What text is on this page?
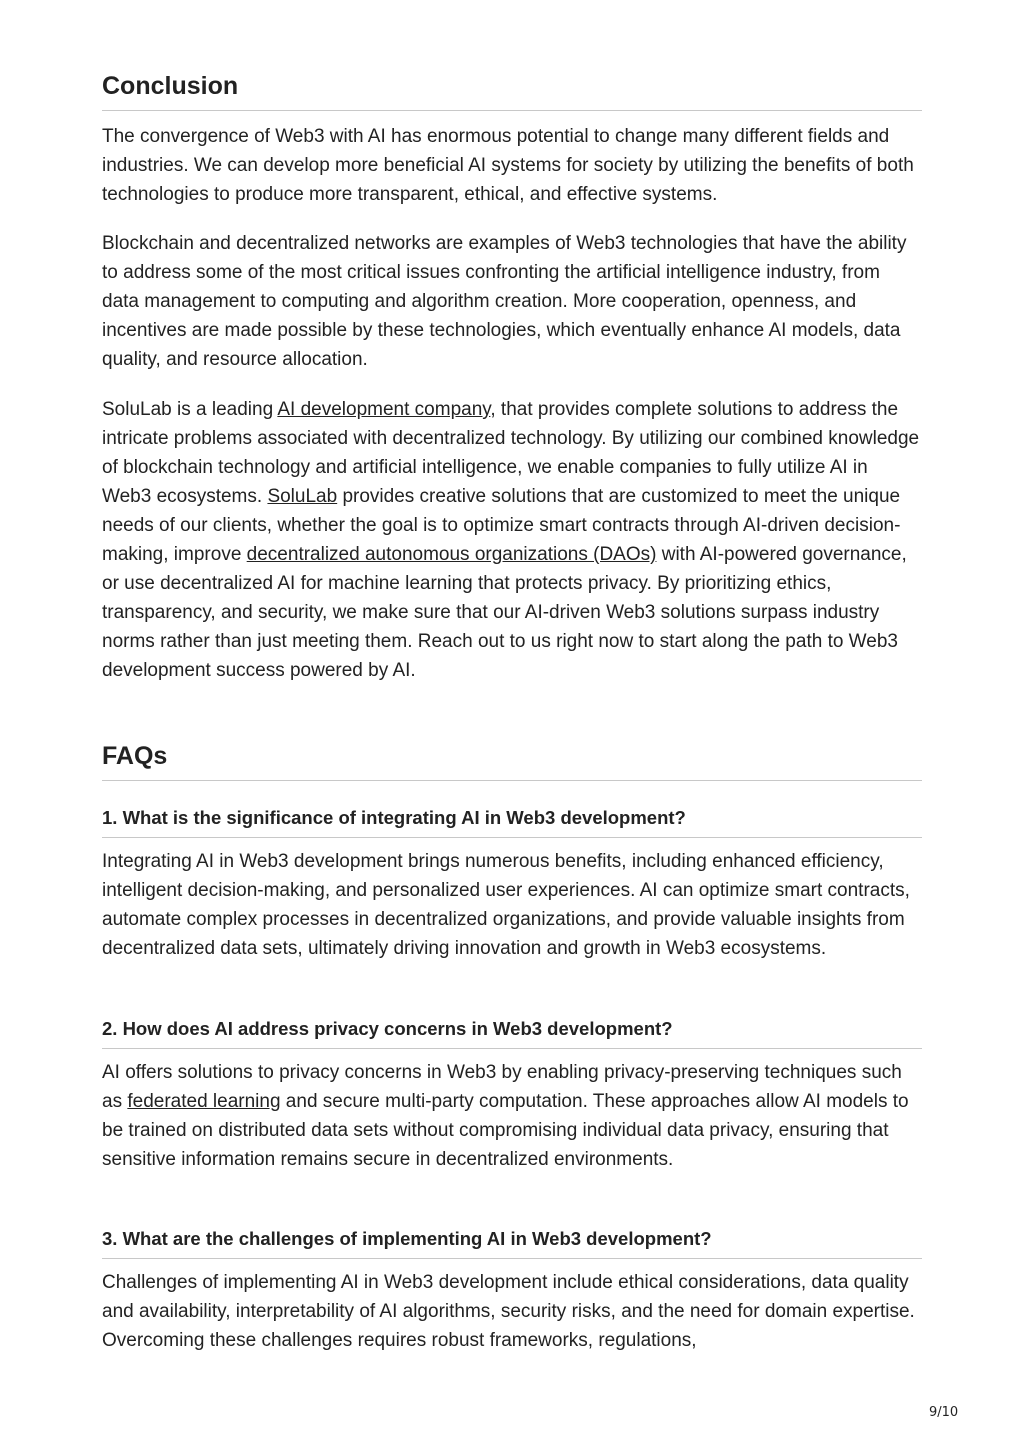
Conclusion

The convergence of Web3 with AI has enormous potential to change many different fields and industries. We can develop more beneficial AI systems for society by utilizing the benefits of both technologies to produce more transparent, ethical, and effective systems.

Blockchain and decentralized networks are examples of Web3 technologies that have the ability to address some of the most critical issues confronting the artificial intelligence industry, from data management to computing and algorithm creation. More cooperation, openness, and incentives are made possible by these technologies, which eventually enhance AI models, data quality, and resource allocation.

SoluLab is a leading AI development company, that provides complete solutions to address the intricate problems associated with decentralized technology. By utilizing our combined knowledge of blockchain technology and artificial intelligence, we enable companies to fully utilize AI in Web3 ecosystems. SoluLab provides creative solutions that are customized to meet the unique needs of our clients, whether the goal is to optimize smart contracts through AI-driven decision-making, improve decentralized autonomous organizations (DAOs) with AI-powered governance, or use decentralized AI for machine learning that protects privacy. By prioritizing ethics, transparency, and security, we make sure that our AI-driven Web3 solutions surpass industry norms rather than just meeting them. Reach out to us right now to start along the path to Web3 development success powered by AI.

FAQs
1. What is the significance of integrating AI in Web3 development?

Integrating AI in Web3 development brings numerous benefits, including enhanced efficiency, intelligent decision-making, and personalized user experiences. AI can optimize smart contracts, automate complex processes in decentralized organizations, and provide valuable insights from decentralized data sets, ultimately driving innovation and growth in Web3 ecosystems.

2. How does AI address privacy concerns in Web3 development?

AI offers solutions to privacy concerns in Web3 by enabling privacy-preserving techniques such as federated learning and secure multi-party computation. These approaches allow AI models to be trained on distributed data sets without compromising individual data privacy, ensuring that sensitive information remains secure in decentralized environments.

3. What are the challenges of implementing AI in Web3 development?

Challenges of implementing AI in Web3 development include ethical considerations, data quality and availability, interpretability of AI algorithms, security risks, and the need for domain expertise. Overcoming these challenges requires robust frameworks, regulations,

9/10
